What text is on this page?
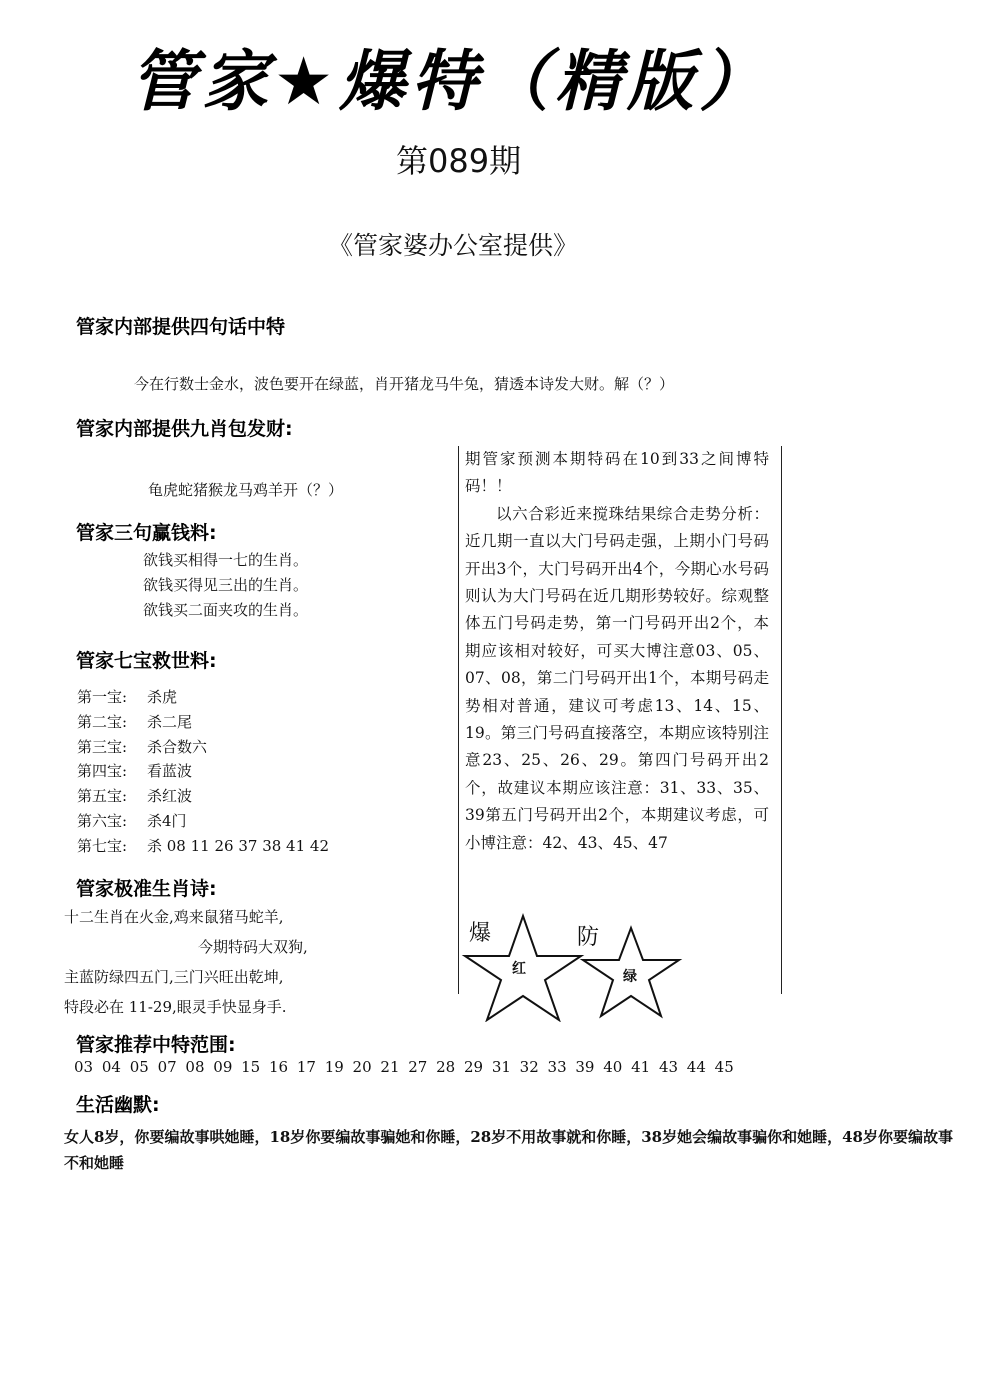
管家★爆特（精版）
第089期
《管家婆办公室提供》
管家内部提供四句话中特
今在行数士金水，波色要开在绿蓝，肖开猪龙马牛兔，猜透本诗发大财。解（？）
管家内部提供九肖包发财:
龟虎蛇猪猴龙马鸡羊开（？）
管家三句赢钱料:
欲钱买相得一七的生肖。
欲钱买得见三出的生肖。
欲钱买二面夹攻的生肖。
管家七宝救世料:
第一宝: 杀虎
第二宝: 杀二尾
第三宝: 杀合数六
第四宝: 看蓝波
第五宝: 杀红波
第六宝: 杀4门
第七宝: 杀 08 11 26 37 38 41 42
管家极准生肖诗:
十二生肖在火金,鸡来鼠猪马蛇羊,
今期特码大双狗,
主蓝防绿四五门,三门兴旺出乾坤,
特段必在 11-29,眼灵手快显身手.
期管家预测本期特码在10到33之间博特码！！
以六合彩近来搅珠结果综合走势分析：近几期一直以大门号码走强，上期小门号码开出3个，大门号码开出4个，今期心水号码则认为大门号码在近几期形势较好。综观整体五门号码走势，第一门号码开出2个，本期应该相对较好，可买大博注意03、05、07、08，第二门号码开出1个，本期号码走势相对普通，建议可考虑13、14、15、19。第三门号码直接落空，本期应该特别注意23、25、26、29。第四门号码开出2个，故建议本期应该注意：31、33、35、39第五门号码开出2个，本期建议考虑，可小博注意：42、43、45、47
爆
红
防
绿
管家推荐中特范围:
03 04 05 07 08 09 15 16 17 19 20 21 27 28 29 31 32 33 39 40 41 43 44 45
生活幽默:
女人8岁，你要编故事哄她睡，18岁你要编故事骗她和你睡，28岁不用故事就和你睡，38岁她会编故事骗你和她睡，48岁你要编故事不和她睡
